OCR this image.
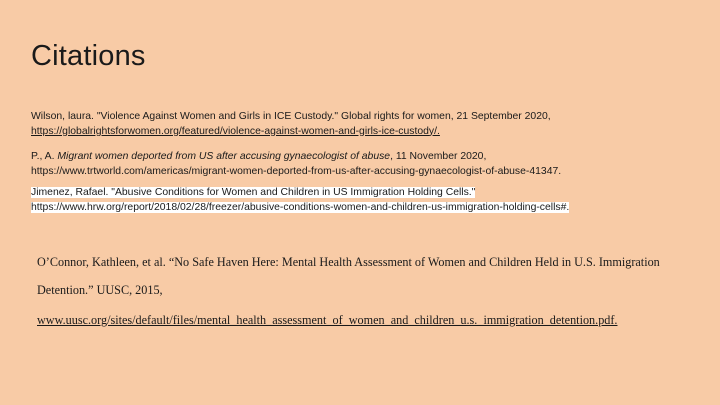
Citations

Wilson, laura. "Violence Against Women and Girls in ICE Custody." Global rights for women, 21 September 2020,
https://globalrightsforwomen.org/featured/violence-against-women-and-girls-ice-custody/.

P., A. Migrant women deported from US after accusing gynaecologist of abuse, 11 November 2020,
https://www.trtworld.com/americas/migrant-women-deported-from-us-after-accusing-gynaecologist-of-abuse-41347.

Jimenez, Rafael. "Abusive Conditions for Women and Children in US Immigration Holding Cells."
https://www.hrw.org/report/2018/02/28/freezer/abusive-conditions-women-and-children-us-immigration-holding-cells#.

O’Connor, Kathleen, et al. “No Safe Haven Here: Mental Health Assessment of Women and Children Held in U.S. Immigration

Detention.” UUSC, 2015,

www.uusc.org/sites/default/files/mental_health_assessment_of_women_and_children_u.s._immigration_detention.pdf.
